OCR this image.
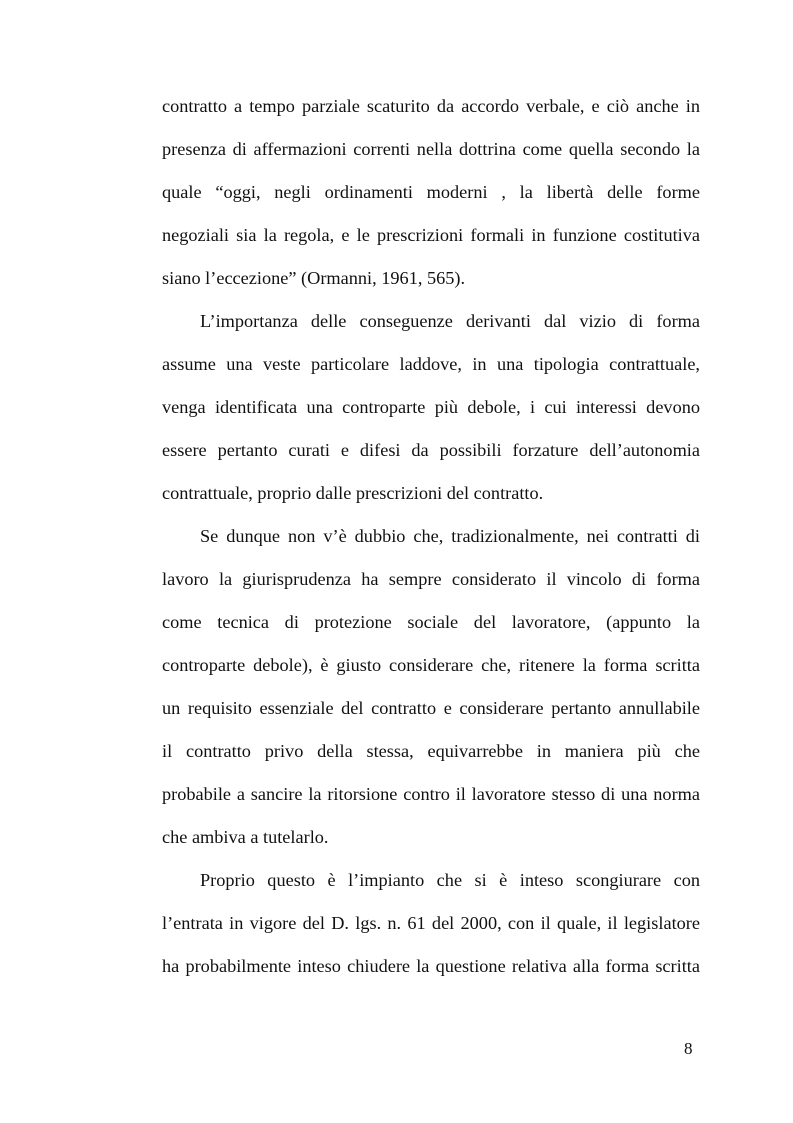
contratto a tempo parziale scaturito da accordo verbale, e ciò anche in
presenza di affermazioni correnti nella dottrina come quella secondo la
quale “oggi, negli ordinamenti moderni , la libertà delle forme
negoziali sia la regola, e le prescrizioni formali in funzione costitutiva
siano l’eccezione” (Ormanni, 1961, 565).
L’importanza delle conseguenze derivanti dal vizio di forma
assume una veste particolare laddove, in una tipologia contrattuale,
venga identificata una controparte più debole, i cui interessi devono
essere pertanto curati e difesi da possibili forzature dell’autonomia
contrattuale, proprio dalle prescrizioni del contratto.
Se dunque non v’è dubbio che, tradizionalmente, nei contratti di
lavoro la giurisprudenza ha sempre considerato il vincolo di forma
come tecnica di protezione sociale del lavoratore, (appunto la
controparte debole), è giusto considerare che, ritenere la forma scritta
un requisito essenziale del contratto e considerare pertanto annullabile
il contratto privo della stessa, equivarrebbe in maniera più che
probabile a sancire la ritorsione contro il lavoratore stesso di una norma
che ambiva a tutelarlo.
Proprio questo è l’impianto che si è inteso scongiurare con
l’entrata in vigore del D. lgs. n. 61 del 2000, con il quale, il legislatore
ha probabilmente inteso chiudere la questione relativa alla forma scritta
8
